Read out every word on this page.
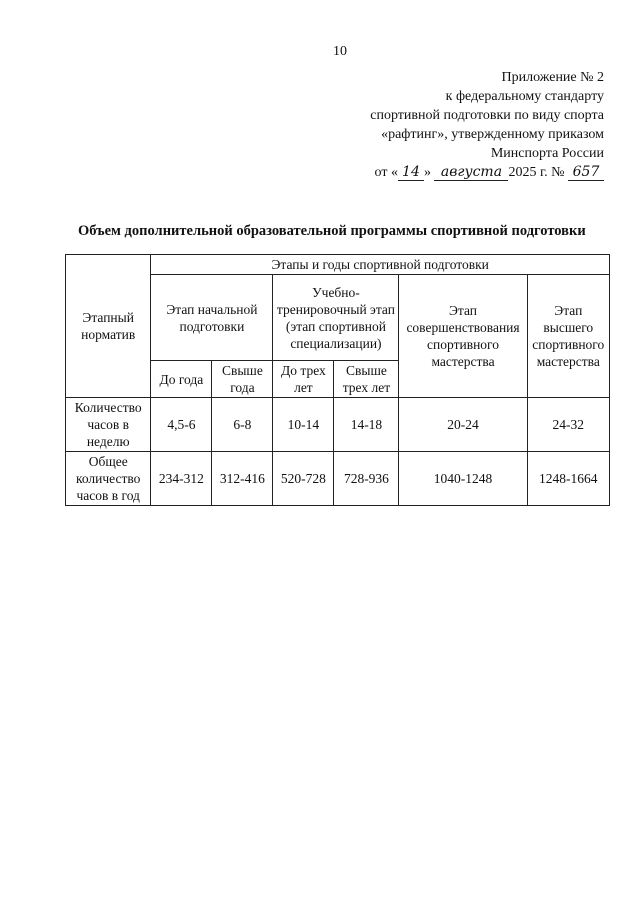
10
Приложение № 2
к федеральному стандарту
спортивной подготовки по виду спорта
«рафтинг», утвержденному приказом
Минспорта России
от « 14 » августа 2025 г. № 657
Объем дополнительной образовательной программы спортивной подготовки
Этапный норматив	Этапы и годы спортивной подготовки					
	Этап начальной подготовки		Учебно-тренировочный этап (этап спортивной специализации)		Этап совершенствования спортивного мастерства	Этап высшего спортивного мастерства
	До года	Свыше года	До трех лет	Свыше трех лет		
Количество часов в неделю	4,5-6	6-8	10-14	14-18	20-24	24-32
Общее количество часов в год	234-312	312-416	520-728	728-936	1040-1248	1248-1664
